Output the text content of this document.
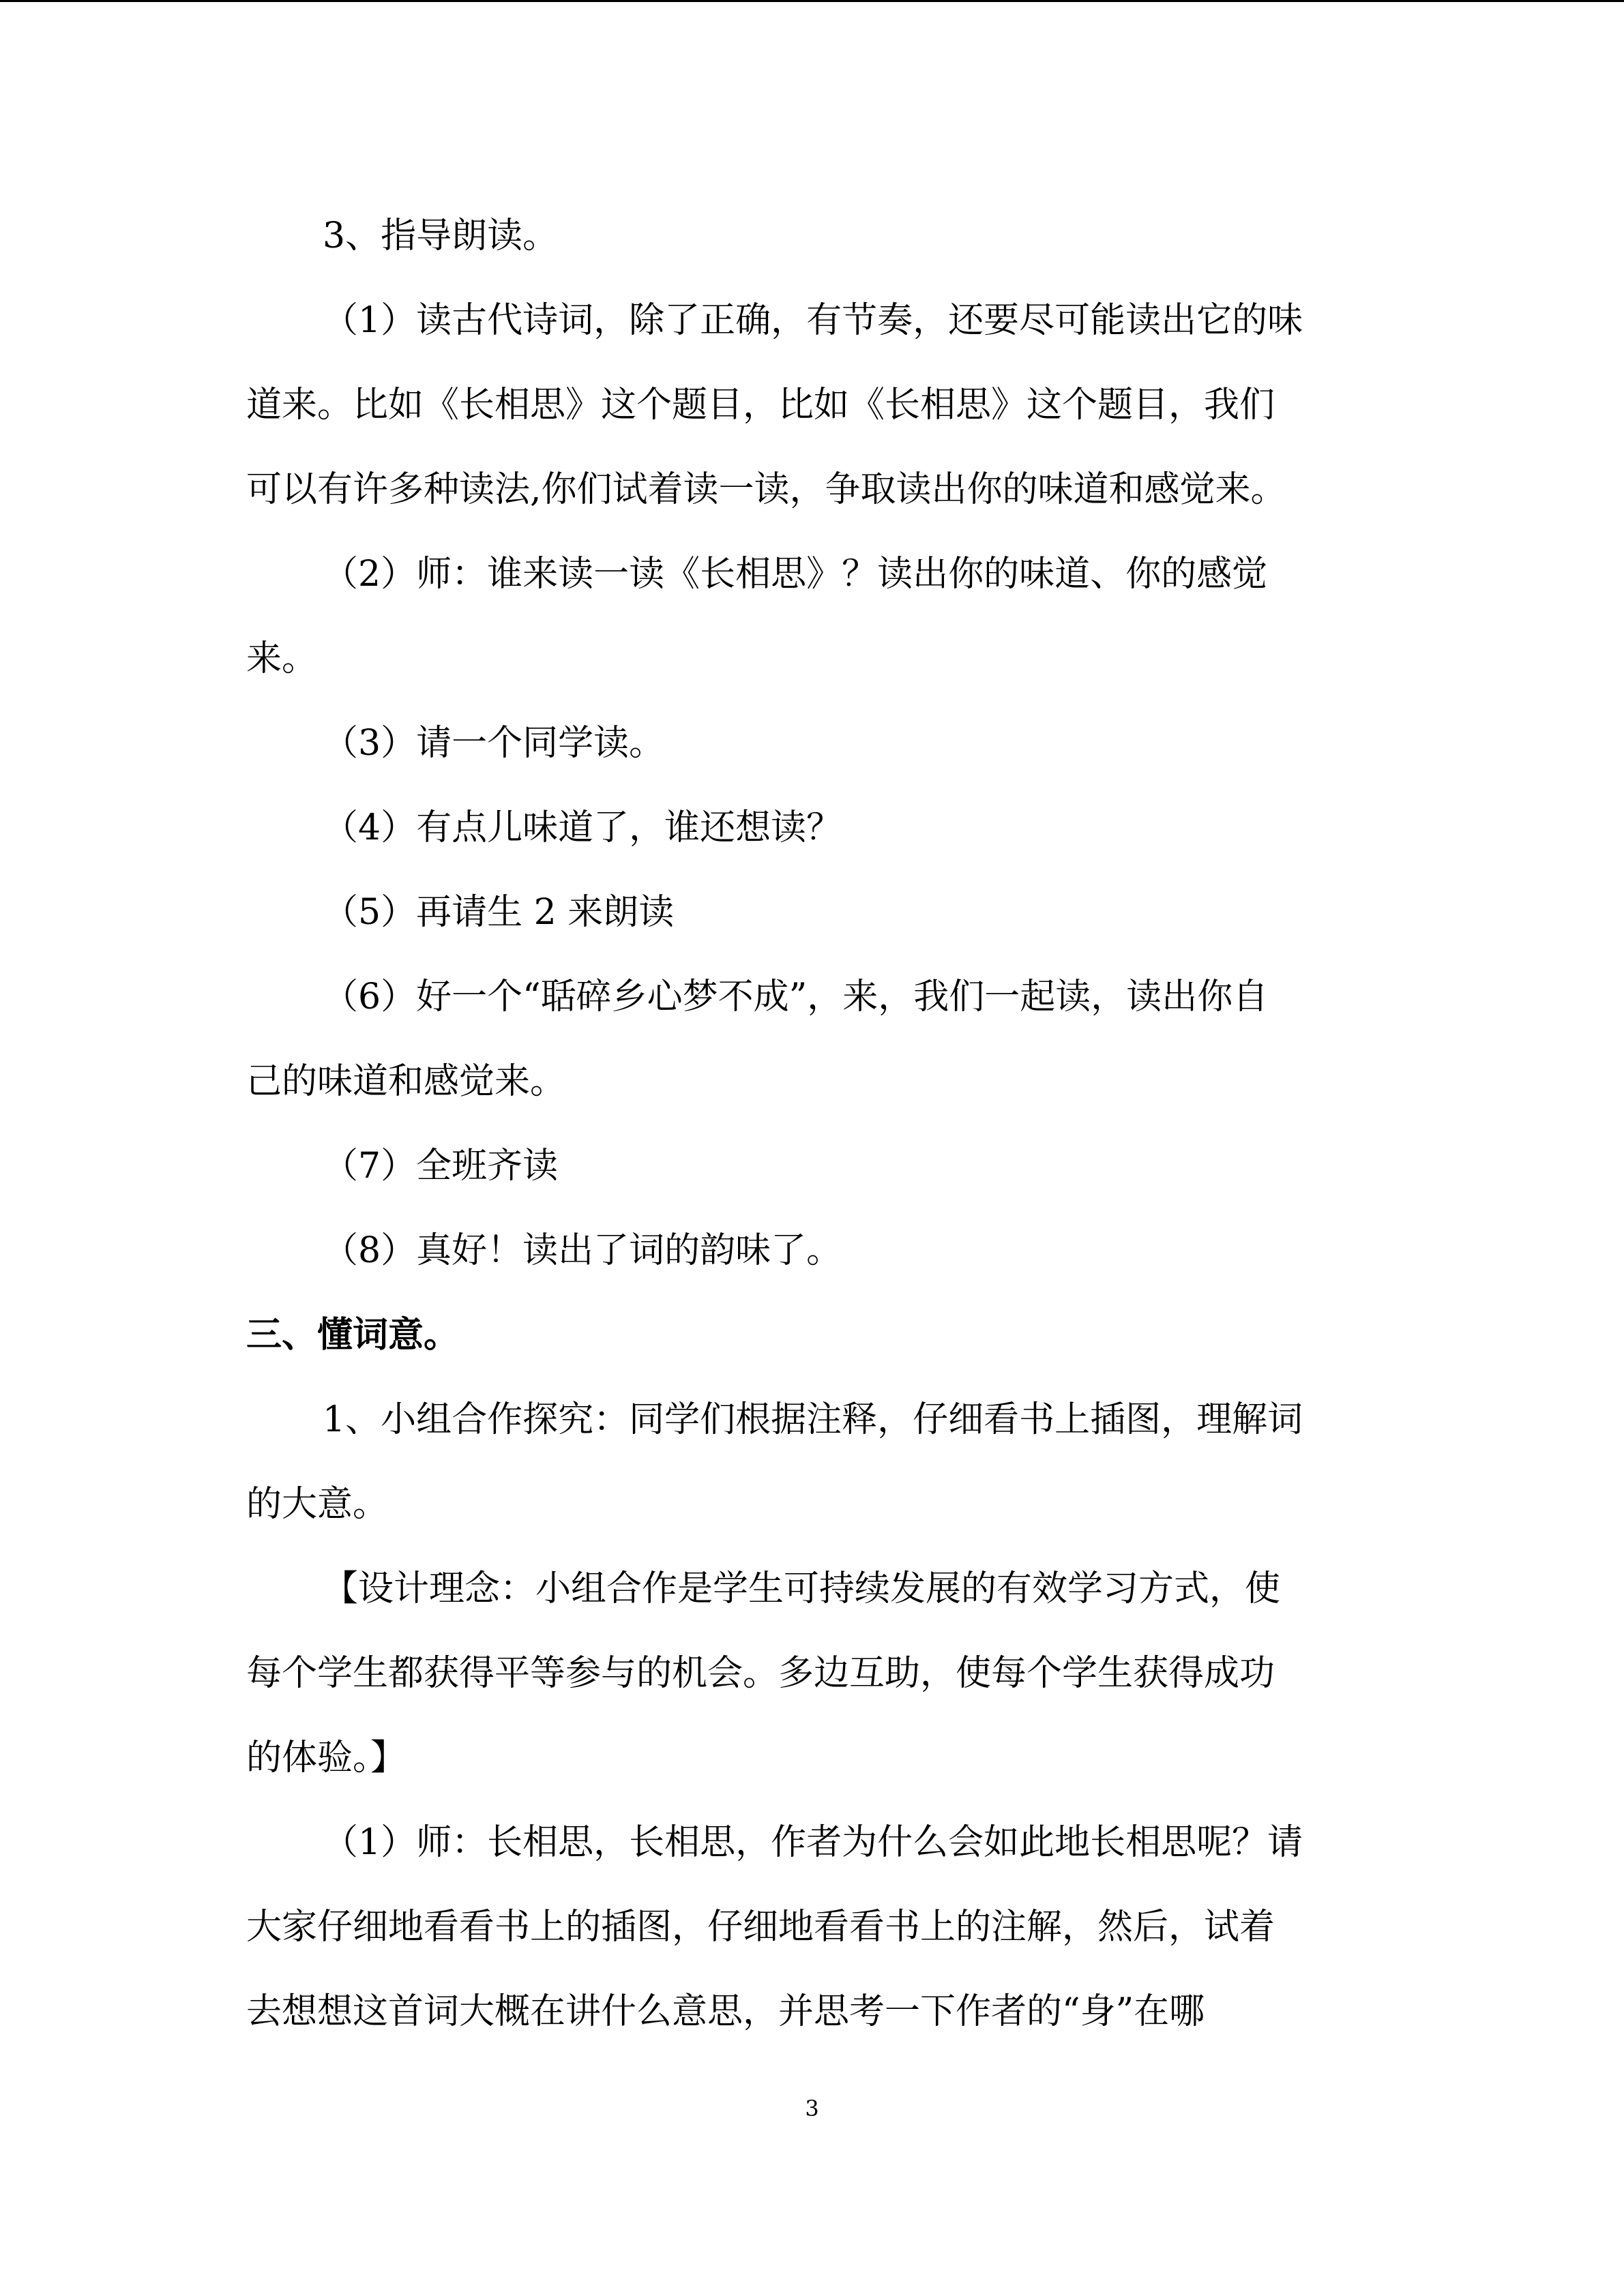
3、指导朗读。
（1）读古代诗词，除了正确，有节奏，还要尽可能读出它的味
道来。比如《长相思》这个题目，比如《长相思》这个题目，我们
可以有许多种读法,你们试着读一读，争取读出你的味道和感觉来。
（2）师：谁来读一读《长相思》？读出你的味道、你的感觉
来。
（3）请一个同学读。
（4）有点儿味道了，谁还想读？
（5）再请生 2 来朗读
（6）好一个“聒碎乡心梦不成”，来，我们一起读，读出你自
己的味道和感觉来。
（7）全班齐读
（8）真好！读出了词的韵味了。
三、懂词意。
1、小组合作探究：同学们根据注释，仔细看书上插图，理解词
的大意。
【设计理念：小组合作是学生可持续发展的有效学习方式，使
每个学生都获得平等参与的机会。多边互助，使每个学生获得成功
的体验。】
（1）师：长相思，长相思，作者为什么会如此地长相思呢？请
大家仔细地看看书上的插图，仔细地看看书上的注解，然后，试着
去想想这首词大概在讲什么意思，并思考一下作者的“身”在哪
3
